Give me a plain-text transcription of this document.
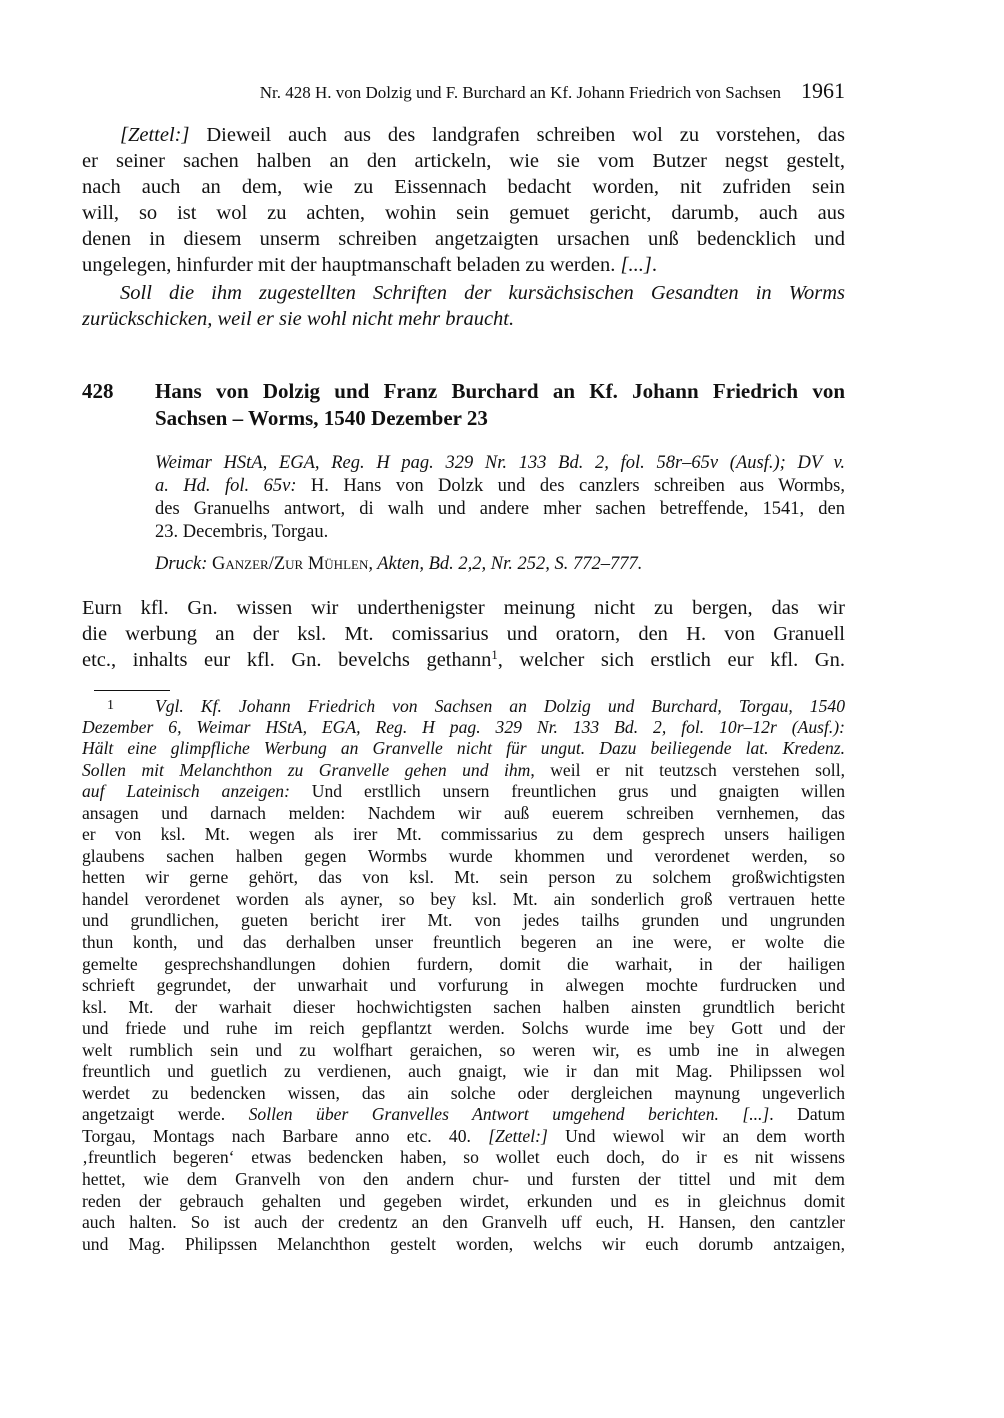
Nr. 428 H. von Dolzig und F. Burchard an Kf. Johann Friedrich von Sachsen 1961
[Zettel:] Dieweil auch aus des landgrafen schreiben wol zu vorstehen, das
er seiner sachen halben an den artickeln, wie sie vom Butzer negst gestelt,
nach auch an dem, wie zu Eissennach bedacht worden, nit zufriden sein
will, so ist wol zu achten, wohin sein gemuet gericht, darumb, auch aus
denen in diesem unserm schreiben angetzaigten ursachen unß bedencklich und
ungelegen, hinfurder mit der hauptmanschaft beladen zu werden. [...].
Soll die ihm zugestellten Schriften der kursächsischen Gesandten in Worms
zurückschicken, weil er sie wohl nicht mehr braucht.
428 Hans von Dolzig und Franz Burchard an Kf. Johann Friedrich von
Sachsen – Worms, 1540 Dezember 23
Weimar HStA, EGA, Reg. H pag. 329 Nr. 133 Bd. 2, fol. 58r–65v (Ausf.); DV v.
a. Hd. fol. 65v: H. Hans von Dolzk und des canzlers schreiben aus Wormbs,
des Granuelhs antwort, di walh und andere mher sachen betreffende, 1541, den
23. Decembris, Torgau.
Druck: Ganzer/Zur Mühlen, Akten, Bd. 2,2, Nr. 252, S. 772–777.
Eurn kfl. Gn. wissen wir underthenigster meinung nicht zu bergen, das wir
die werbung an der ksl. Mt. comissarius und oratorn, den H. von Granuell
etc., inhalts eur kfl. Gn. bevelchs gethann$^1$, welcher sich erstlich eur kfl. Gn.
1 Vgl. Kf. Johann Friedrich von Sachsen an Dolzig und Burchard, Torgau, 1540
Dezember 6, Weimar HStA, EGA, Reg. H pag. 329 Nr. 133 Bd. 2, fol. 10r–12r (Ausf.):
Hält eine glimpfliche Werbung an Granvelle nicht für ungut. Dazu beiliegende lat. Kredenz.
Sollen mit Melanchthon zu Granvelle gehen und ihm, weil er nit teutzsch verstehen soll,
auf Lateinisch anzeigen: Und erstllich unsern freuntlichen grus und gnaigten willen
ansagen und darnach melden: Nachdem wir auß euerem schreiben vernhemen, das
er von ksl. Mt. wegen als irer Mt. commissarius zu dem gesprech unsers hailigen
glaubens sachen halben gegen Wormbs wurde khommen und verordenet werden, so
hetten wir gerne gehört, das von ksl. Mt. sein person zu solchem großwichtigsten
handel verordenet worden als ayner, so bey ksl. Mt. ain sonderlich groß vertrauen hette
und grundlichen, gueten bericht irer Mt. von jedes tailhs grunden und ungrunden
thun konth, und das derhalben unser freuntlich begeren an ine were, er wolte die
gemelte gesprechshandlungen dohien furdern, domit die warhait, in der hailigen
schrieft gegrundet, der unwarhait und vorfurung in alwegen mochte furdrucken und
ksl. Mt. der warhait dieser hochwichtigsten sachen halben ainsten grundtlich bericht
und friede und ruhe im reich gepflantzt werden. Solchs wurde ime bey Gott und der
welt rumblich sein und zu wolfhart geraichen, so weren wir, es umb ine in alwegen
freuntlich und guetlich zu verdienen, auch gnaigt, wie ir dan mit Mag. Philipssen wol
werdet zu bedencken wissen, das ain solche oder dergleichen maynung ungeverlich
angetzaigt werde. Sollen über Granvelles Antwort umgehend berichten. [...]. Datum
Torgau, Montags nach Barbare anno etc. 40. [Zettel:] Und wiewol wir an dem worth
‚freuntlich begeren‘ etwas bedencken haben, so wollet euch doch, do ir es nit wissens
hettet, wie dem Granvelh von den andern chur- und fursten der tittel und mit dem
reden der gebrauch gehalten und gegeben wirdet, erkunden und es in gleichnus domit
auch halten. So ist auch der credentz an den Granvelh uff euch, H. Hansen, den cantzler
und Mag. Philipssen Melanchthon gestelt worden, welchs wir euch dorumb antzaigen,
